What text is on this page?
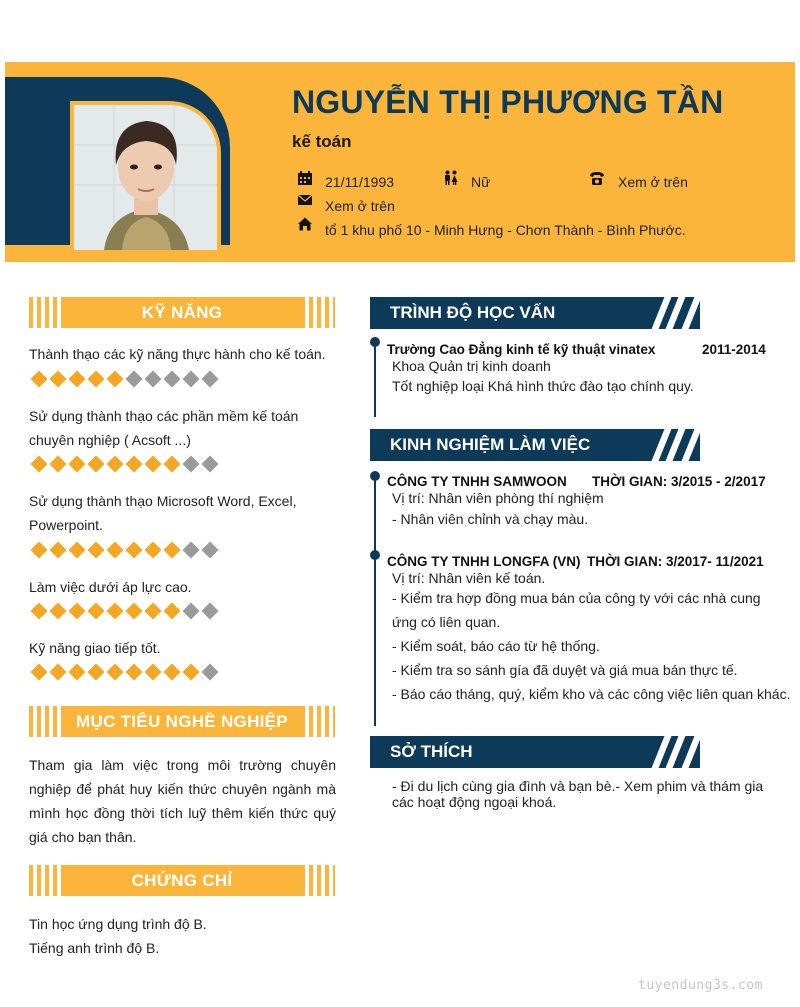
NGUYỄN THỊ PHƯƠNG TẦN
kế toán
21/11/1993	Nữ	Xem ở trên
Xem ở trên
tổ 1 khu phố 10 - Minh Hưng - Chơn Thành - Bình Phước.
KỸ NĂNG
Thành thạo các kỹ năng thực hành cho kế toán.
Sử dụng thành thạo các phần mềm kế toán
chuyên nghiệp ( Acsoft ...)
Sử dụng thành thạo Microsoft Word, Excel,
Powerpoint.
Làm việc dưới áp lực cao.
Kỹ năng giao tiếp tốt.
MỤC TIÊU NGHỀ NGHIỆP
Tham gia làm việc trong môi trường chuyên nghiệp để phát huy kiến thức chuyên ngành mà mình học đồng thời tích luỹ thêm kiến thức quý giá cho bạn thân.
CHỨNG CHỈ
Tin học ứng dụng trình độ B.
Tiếng anh trình độ B.
TRÌNH ĐỘ HỌC VẤN
Trường Cao Đẳng kinh tế kỹ thuật vinatex	2011-2014
Khoa Quản trị kinh doanh
Tốt nghiệp loại Khá hình thức đào tạo chính quy.
KINH NGHIỆM LÀM VIỆC
CÔNG TY TNHH SAMWOON THỜI GIAN: 3/2015 - 2/2017
Vị trí: Nhân viên phòng thí nghiệm
- Nhân viên chỉnh và chạy màu.
CÔNG TY TNHH LONGFA (VN) THỜI GIAN: 3/2017- 11/2021
Vị trí: Nhân viên kế toán.
- Kiểm tra hợp đồng mua bán của công ty với các nhà cung
ứng có liên quan.
- Kiểm soát, báo cáo từ hệ thống.
- Kiểm tra so sánh gía đã duyệt và giá mua bán thực tế.
- Báo cáo tháng, quý, kiểm kho và các công việc liên quan khác.
SỞ THÍCH
- Đi du lịch cùng gia đình và bạn bè.- Xem phim và thám gia
các hoạt động ngoại khoá.
tuyendung3s.com
